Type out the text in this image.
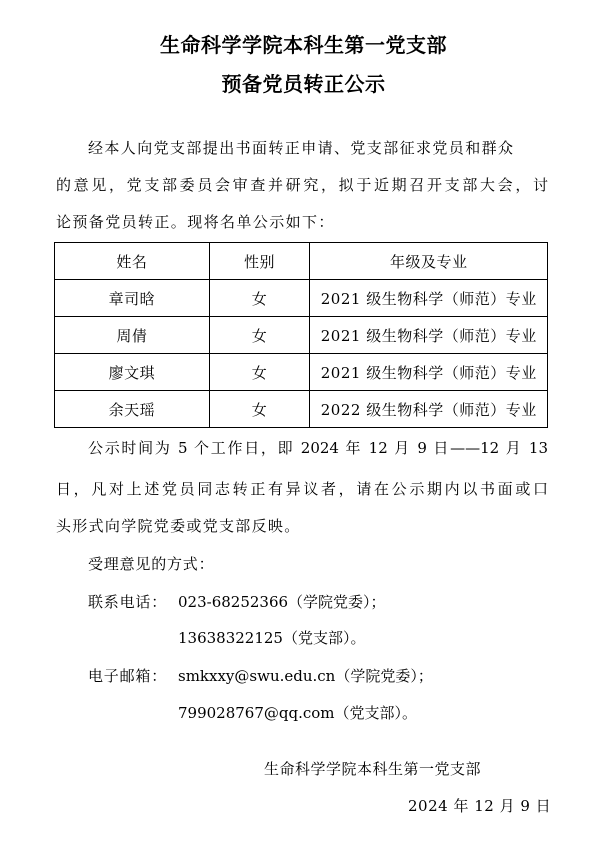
生命科学学院本科生第一党支部
预备党员转正公示
经本人向党支部提出书面转正申请、党支部征求党员和群众
的意见，党支部委员会审查并研究，拟于近期召开支部大会，讨
论预备党员转正。现将名单公示如下：
姓名	性别	年级及专业
章司晗	女	2021 级生物科学（师范）专业
周倩	女	2021 级生物科学（师范）专业
廖文琪	女	2021 级生物科学（师范）专业
余天瑶	女	2022 级生物科学（师范）专业
公示时间为 5 个工作日，即 2024 年 12 月 9 日——12 月 13
日，凡对上述党员同志转正有异议者，请在公示期内以书面或口
头形式向学院党委或党支部反映。
受理意见的方式：
联系电话： 023-68252366（学院党委）；
13638322125（党支部）。
电子邮箱： smkxxy@swu.edu.cn（学院党委）；
799028767@qq.com（党支部）。
生命科学学院本科生第一党支部
2024 年 12 月 9 日
